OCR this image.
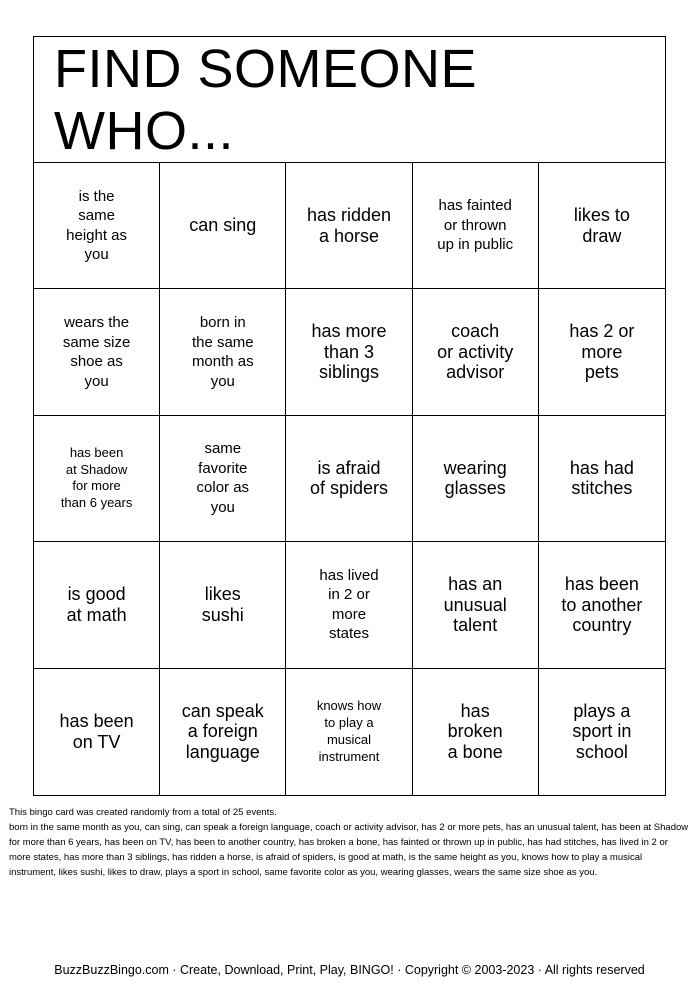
FIND SOMEONE WHO...
is the
same
height as
you
can sing
has ridden
a horse
has fainted
or thrown
up in public
likes to
draw
wears the
same size
shoe as
you
born in
the same
month as
you
has more
than 3
siblings
coach
or activity
advisor
has 2 or
more
pets
has been
at Shadow
for more
than 6 years
same
favorite
color as
you
is afraid
of spiders
wearing
glasses
has had
stitches
is good
at math
likes
sushi
has lived
in 2 or
more
states
has an
unusual
talent
has been
to another
country
has been
on TV
can speak
a foreign
language
knows how
to play a
musical
instrument
has
broken
a bone
plays a
sport in
school

This bingo card was created randomly from a total of 25 events.

born in the same month as you, can sing, can speak a foreign language, coach or activity advisor, has 2 or more pets, has an unusual talent, has been at Shadow for more than 6 years, has been on TV, has been to another country, has broken a bone, has fainted or thrown up in public, has had stitches, has lived in 2 or more states, has more than 3 siblings, has ridden a horse, is afraid of spiders, is good at math, is the same height as you, knows how to play a musical instrument, likes sushi, likes to draw, plays a sport in school, same favorite color as you, wearing glasses, wears the same size shoe as you.

BuzzBuzzBingo.com · Create, Download, Print, Play, BINGO! · Copyright © 2003-2023 · All rights reserved
